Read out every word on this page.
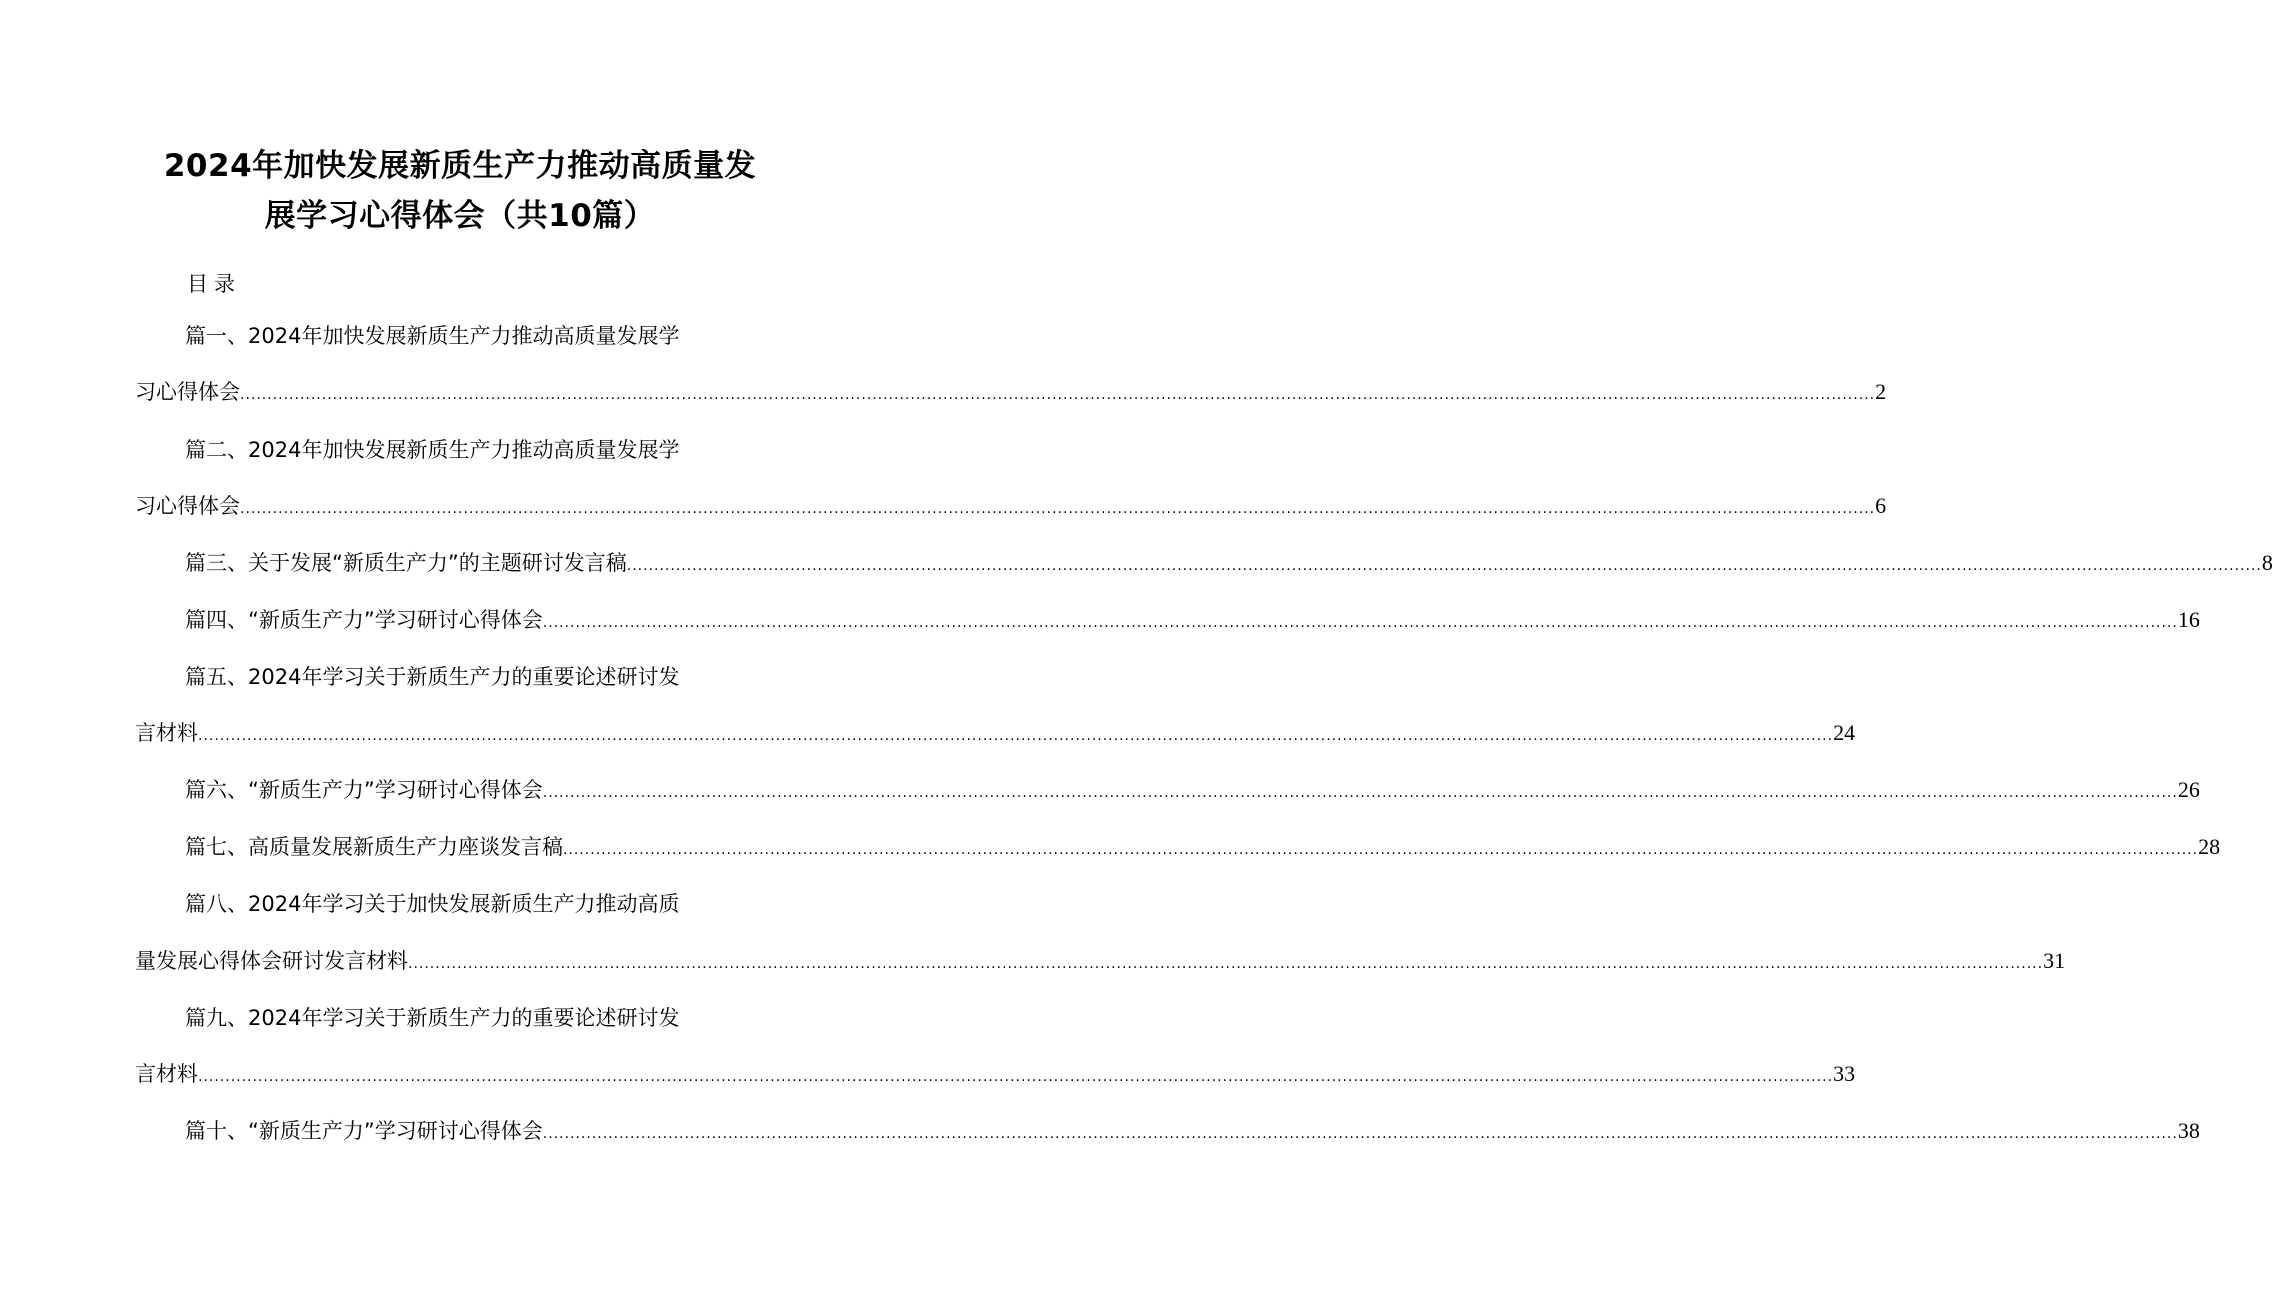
2024年加快发展新质生产力推动高质量发
展学习心得体会（共10篇）
目录
篇一、2024年加快发展新质生产力推动高质量发展学
习心得体会 ............................................................................................................................................................................................................................................................................................................ 2
篇二、2024年加快发展新质生产力推动高质量发展学
习心得体会 ............................................................................................................................................................................................................................................................................................................ 6
篇三、关于发展“新质生产力”的主题研讨发言稿 ............................................................................................................................................................................................................................................................................................................ 8
篇四、“新质生产力”学习研讨心得体会 ............................................................................................................................................................................................................................................................................................................ 16
篇五、2024年学习关于新质生产力的重要论述研讨发
言材料 ............................................................................................................................................................................................................................................................................................................ 24
篇六、“新质生产力”学习研讨心得体会 ............................................................................................................................................................................................................................................................................................................ 26
篇七、高质量发展新质生产力座谈发言稿 ............................................................................................................................................................................................................................................................................................................ 28
篇八、2024年学习关于加快发展新质生产力推动高质
量发展心得体会研讨发言材料 ............................................................................................................................................................................................................................................................................................................ 31
篇九、2024年学习关于新质生产力的重要论述研讨发
言材料 ............................................................................................................................................................................................................................................................................................................ 33
篇十、“新质生产力”学习研讨心得体会 ............................................................................................................................................................................................................................................................................................................ 38
